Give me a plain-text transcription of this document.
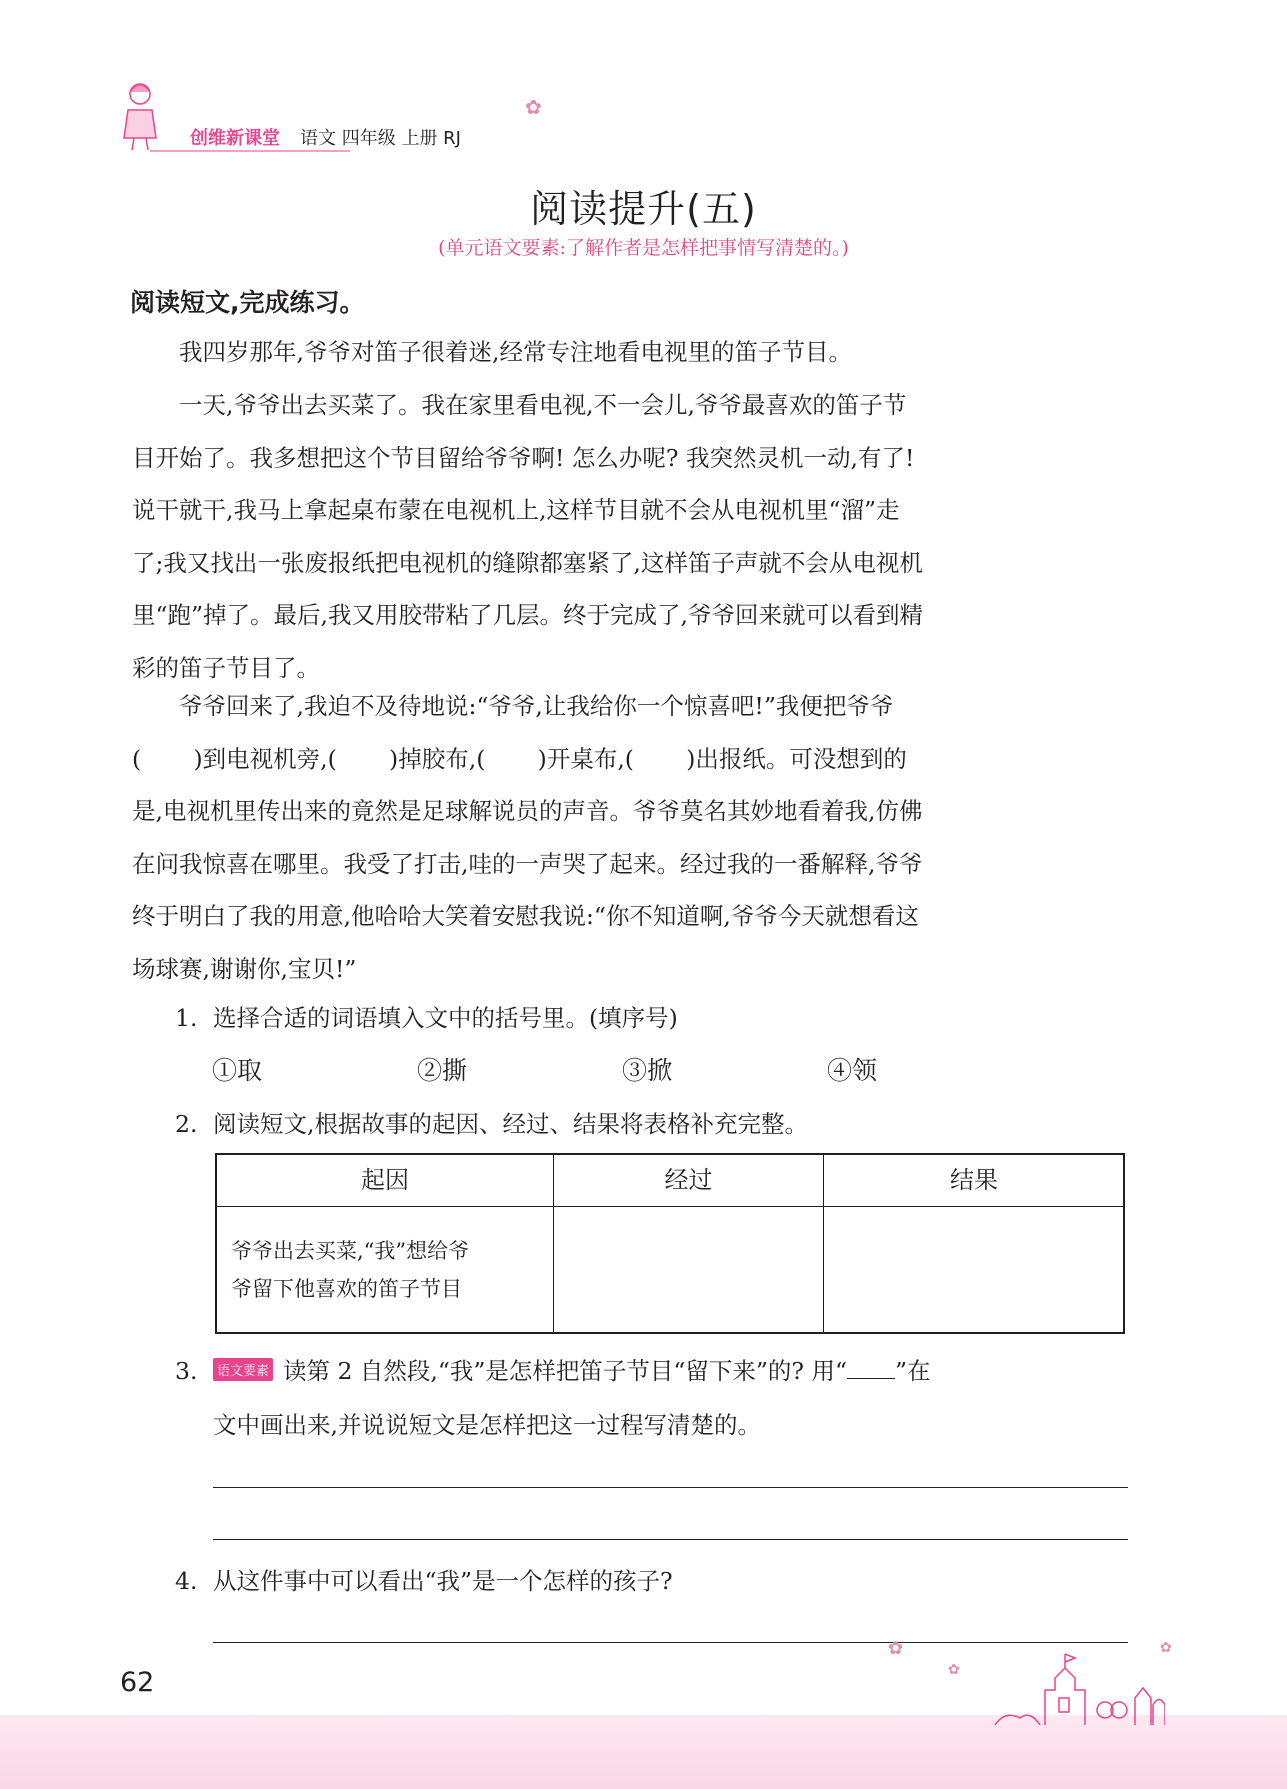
创维新课堂 语文 四年级 上册 RJ
✿
阅读提升(五)
(单元语文要素:了解作者是怎样把事情写清楚的。)
阅读短文,完成练习。
我四岁那年,爷爷对笛子很着迷,经常专注地看电视里的笛子节目。
一天,爷爷出去买菜了。我在家里看电视,不一会儿,爷爷最喜欢的笛子节
目开始了。我多想把这个节目留给爷爷啊! 怎么办呢? 我突然灵机一动,有了!
说干就干,我马上拿起桌布蒙在电视机上,这样节目就不会从电视机里“溜”走
了;我又找出一张废报纸把电视机的缝隙都塞紧了,这样笛子声就不会从电视机
里“跑”掉了。最后,我又用胶带粘了几层。终于完成了,爷爷回来就可以看到精
彩的笛子节目了。
爷爷回来了,我迫不及待地说:“爷爷,让我给你一个惊喜吧!”我便把爷爷
(       )到电视机旁,(       )掉胶布,(       )开桌布,(       )出报纸。可没想到的
是,电视机里传出来的竟然是足球解说员的声音。爷爷莫名其妙地看着我,仿佛
在问我惊喜在哪里。我受了打击,哇的一声哭了起来。经过我的一番解释,爷爷
终于明白了我的用意,他哈哈大笑着安慰我说:“你不知道啊,爷爷今天就想看这
场球赛,谢谢你,宝贝!”
1. 选择合适的词语填入文中的括号里。(填序号)
①取	②撕	③掀	④领
2. 阅读短文,根据故事的起因、经过、结果将表格补充完整。
起因	经过	结果
爷爷出去买菜,“我”想给爷
爷留下他喜欢的笛子节目
3. 语文要素 读第 2 自然段,“我”是怎样把笛子节目“留下来”的? 用“ ”在
文中画出来,并说说短文是怎样把这一过程写清楚的。
4. 从这件事中可以看出“我”是一个怎样的孩子?
62
✿
✿
✿
